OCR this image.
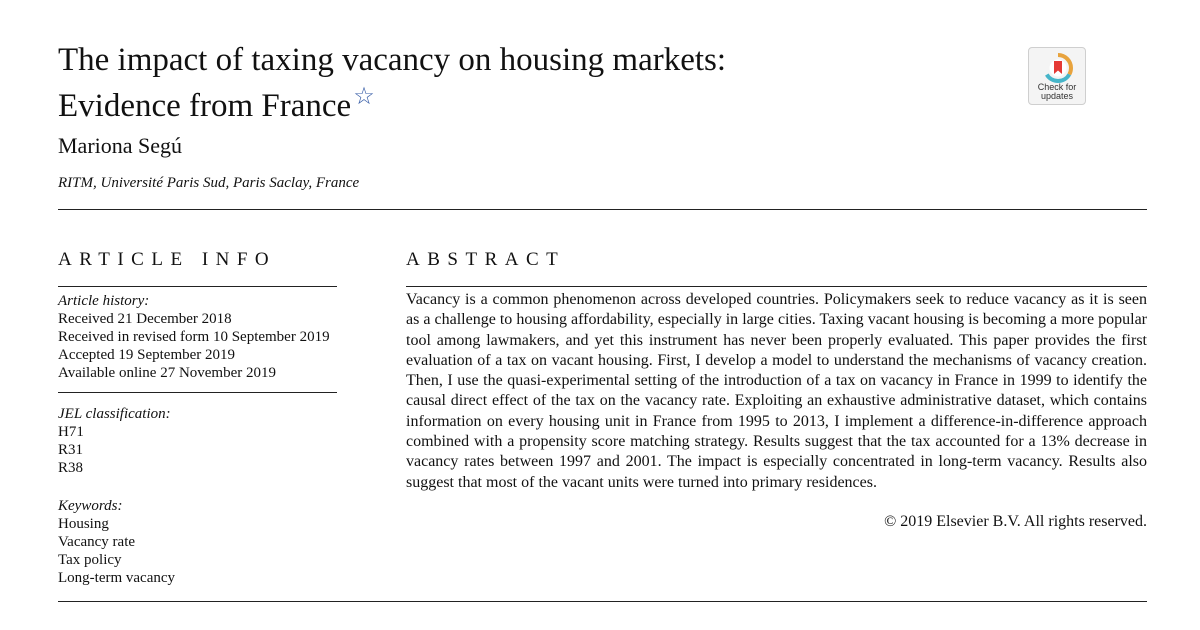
The impact of taxing vacancy on housing markets:
Evidence from France☆	Check for
updates
Mariona Segú
RITM, Université Paris Sud, Paris Saclay, France
ARTICLE INFO	ABSTRACT
Article history:
Received 21 December 2018
Received in revised form 10 September 2019
Accepted 19 September 2019
Available online 27 November 2019
JEL classification:
H71
R31
R38
Keywords:
Housing
Vacancy rate
Tax policy
Long-term vacancy

Vacancy is a common phenomenon across developed countries. Policymakers seek to reduce vacancy as it is seen as a challenge to housing affordability, especially in large cities. Taxing vacant housing is becoming a more popular tool among lawmakers, and yet this instrument has never been properly evaluated. This paper provides the first evaluation of a tax on vacant housing. First, I develop a model to understand the mechanisms of vacancy creation. Then, I use the quasi-experimental setting of the introduction of a tax on vacancy in France in 1999 to identify the causal direct effect of the tax on the vacancy rate. Exploiting an exhaustive administrative dataset, which contains information on every housing unit in France from 1995 to 2013, I implement a difference-in-difference approach combined with a propensity score matching strategy. Results suggest that the tax accounted for a 13% decrease in vacancy rates between 1997 and 2001. The impact is especially concentrated in long-term vacancy. Results also suggest that most of the vacant units were turned into primary residences.

© 2019 Elsevier B.V. All rights reserved.
